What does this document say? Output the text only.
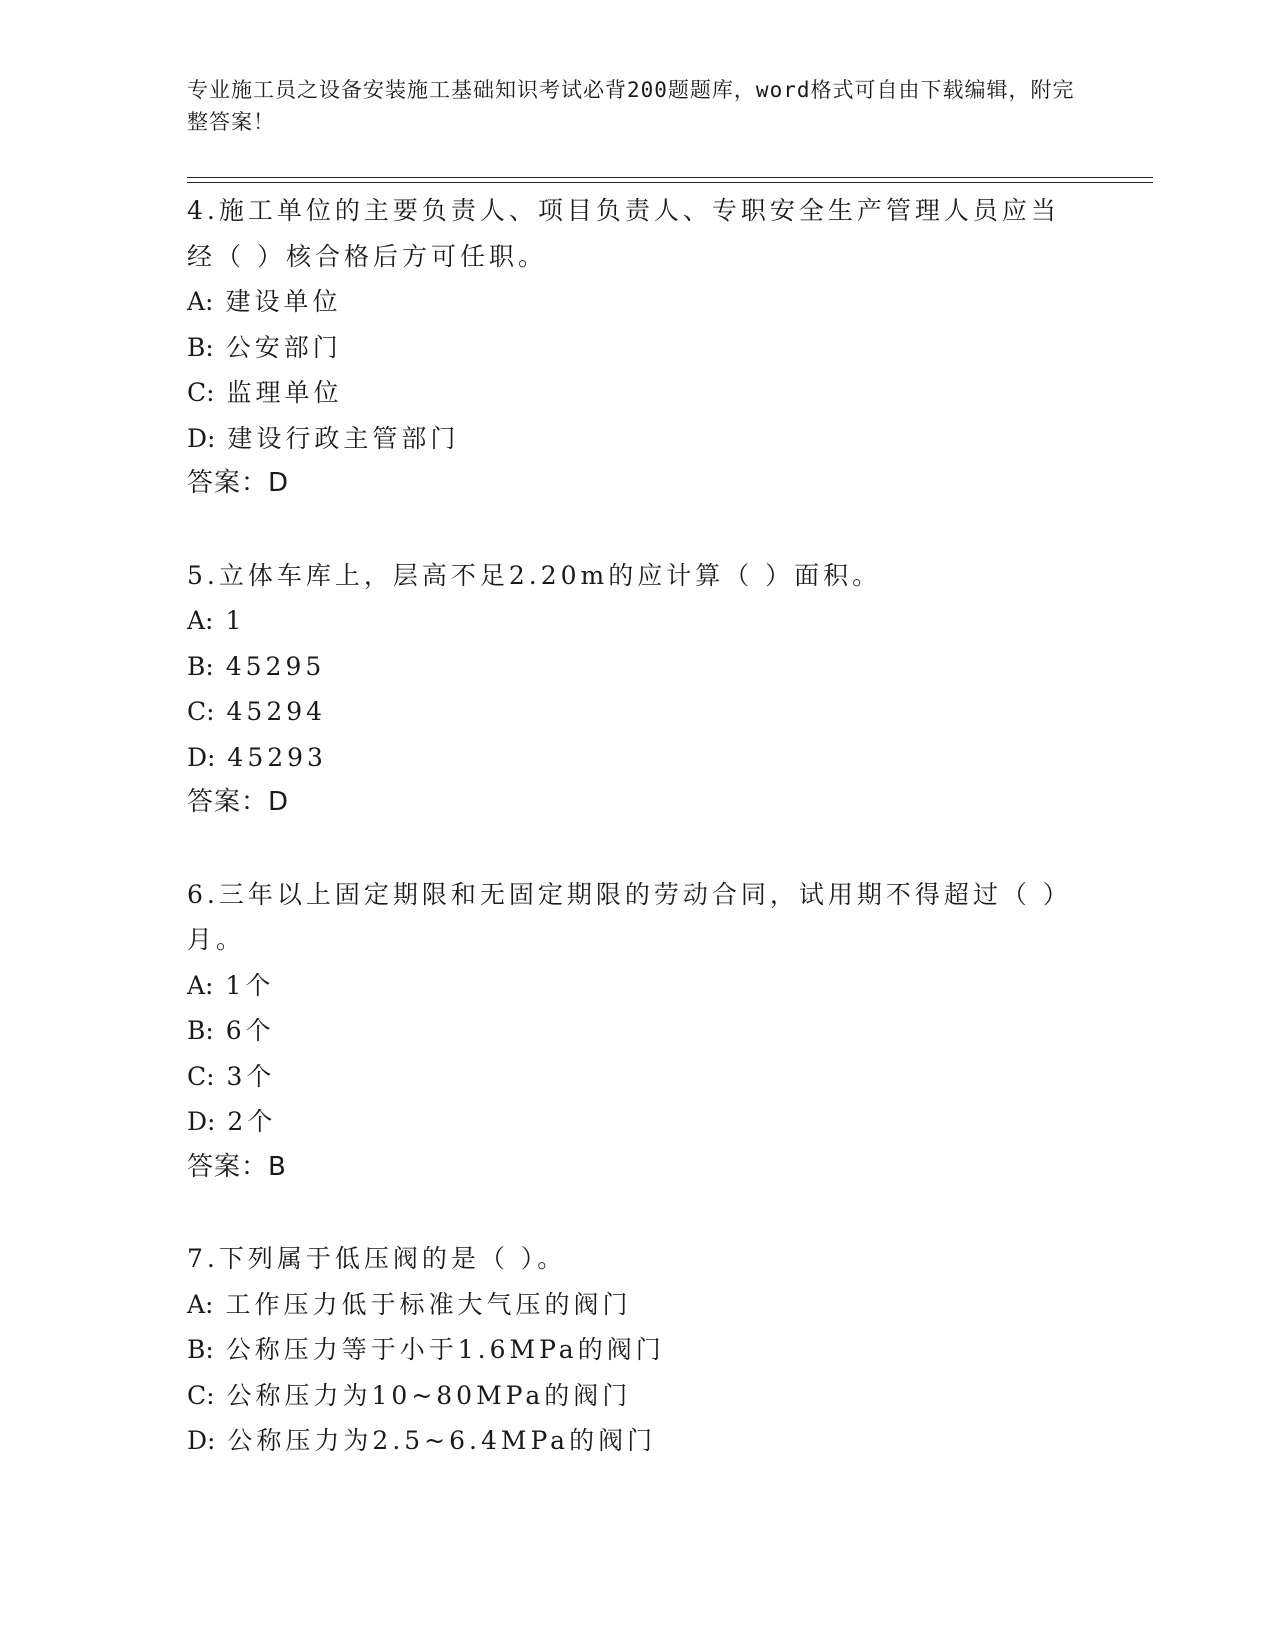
专业施工员之设备安装施工基础知识考试必背200题题库，word格式可自由下载编辑，附完整答案！
4.施工单位的主要负责人、项目负责人、专职安全生产管理人员应当经（ ）核合格后方可任职。
A: 建设单位
B: 公安部门
C: 监理单位
D: 建设行政主管部门
答案：D
5.立体车库上，层高不足2.20m的应计算（ ）面积。
A: 1
B: 45295
C: 45294
D: 45293
答案：D
6.三年以上固定期限和无固定期限的劳动合同，试用期不得超过（ ）月。
A: 1个
B: 6个
C: 3个
D: 2个
答案：B
7.下列属于低压阀的是（ ）。
A: 工作压力低于标准大气压的阀门
B: 公称压力等于小于1.6MPa的阀门
C: 公称压力为10~80MPa的阀门
D: 公称压力为2.5~6.4MPa的阀门
